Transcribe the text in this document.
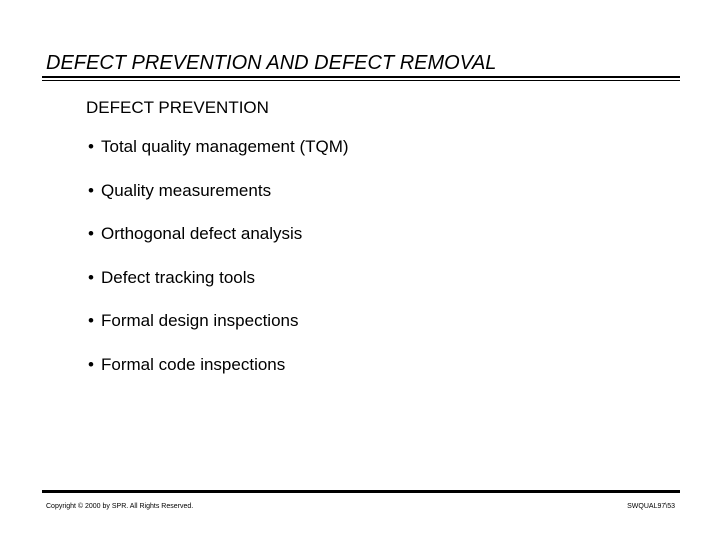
DEFECT PREVENTION AND DEFECT REMOVAL
DEFECT PREVENTION
• Total quality management (TQM)
• Quality measurements
• Orthogonal defect analysis
• Defect tracking tools
• Formal design inspections
• Formal code inspections
Copyright © 2000 by SPR. All Rights Reserved.	SWQUAL97\53
